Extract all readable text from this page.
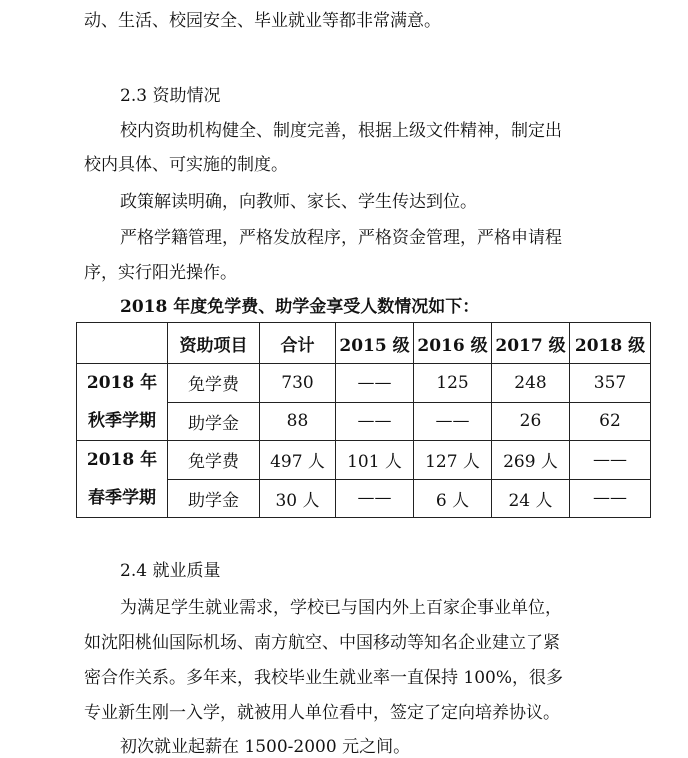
动、生活、校园安全、毕业就业等都非常满意。
2.3 资助情况
校内资助机构健全、制度完善，根据上级文件精神，制定出
校内具体、可实施的制度。
政策解读明确，向教师、家长、学生传达到位。
严格学籍管理，严格发放程序，严格资金管理，严格申请程
序，实行阳光操作。
2018 年度免学费、助学金享受人数情况如下：
	资助项目	合计	2015 级	2016 级	2017 级	2018 级

2018 年
秋季学期	免学费	730	——	125	248	357
	助学金	88	——	——	26	62

2018 年
春季学期	免学费	497 人	101 人	127 人	269 人	——
	助学金	30 人	——	6 人	24 人	——
2.4 就业质量
为满足学生就业需求，学校已与国内外上百家企事业单位，
如沈阳桃仙国际机场、南方航空、中国移动等知名企业建立了紧
密合作关系。多年来，我校毕业生就业率一直保持 100%，很多
专业新生刚一入学，就被用人单位看中，签定了定向培养协议。
初次就业起薪在 1500-2000 元之间。
